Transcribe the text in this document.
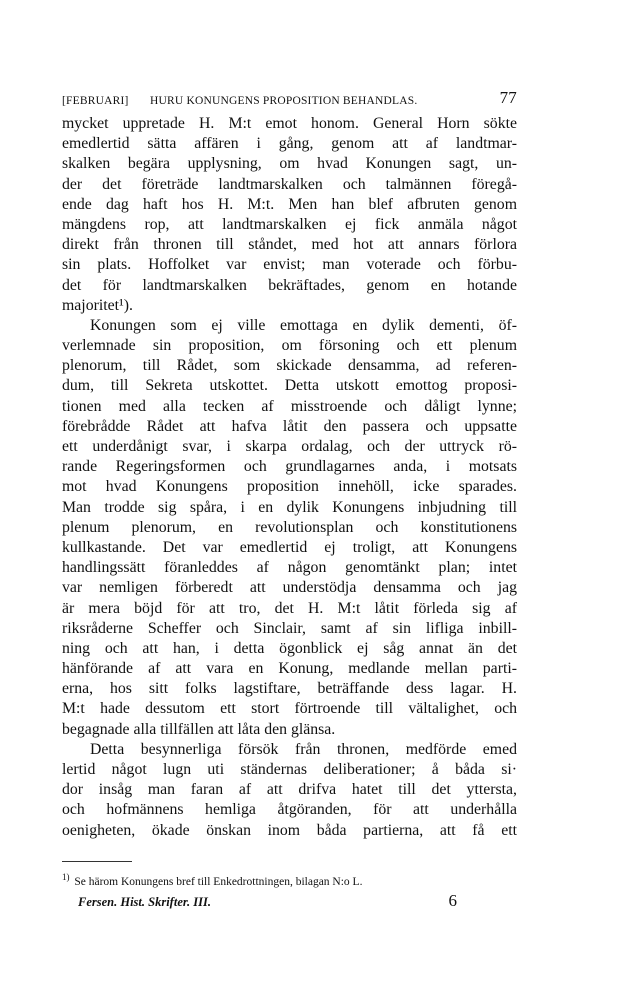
[FEBRUARI] HURU KONUNGENS PROPOSITION BEHANDLAS.	77
mycket uppretade H. M:t emot honom. General Horn sökte
emedlertid sätta affären i gång, genom att af landtmar-
skalken begära upplysning, om hvad Konungen sagt, un-
der det företräde landtmarskalken och talmännen föregå-
ende dag haft hos H. M:t. Men han blef afbruten genom
mängdens rop, att landtmarskalken ej fick anmäla något
direkt från thronen till ståndet, med hot att annars förlora
sin plats. Hoffolket var envist; man voterade och förbu-
det för landtmarskalken bekräftades, genom en hotande
majoritet¹).
Konungen som ej ville emottaga en dylik dementi, öf-
verlemnade sin proposition, om försoning och ett plenum
plenorum, till Rådet, som skickade densamma, ad referen-
dum, till Sekreta utskottet. Detta utskott emottog proposi-
tionen med alla tecken af misstroende och dåligt lynne;
förebrådde Rådet att hafva låtit den passera och uppsatte
ett underdånigt svar, i skarpa ordalag, och der uttryck rö-
rande Regeringsformen och grundlagarnes anda, i motsats
mot hvad Konungens proposition innehöll, icke sparades.
Man trodde sig spåra, i en dylik Konungens inbjudning till
plenum plenorum, en revolutionsplan och konstitutionens
kullkastande. Det var emedlertid ej troligt, att Konungens
handlingssätt föranleddes af någon genomtänkt plan; intet
var nemligen förberedt att understödja densamma och jag
är mera böjd för att tro, det H. M:t låtit förleda sig af
riksråderne Scheffer och Sinclair, samt af sin lifliga inbill-
ning och att han, i detta ögonblick ej såg annat än det
hänförande af att vara en Konung, medlande mellan parti-
erna, hos sitt folks lagstiftare, beträffande dess lagar. H.
M:t hade dessutom ett stort förtroende till vältalighet, och
begagnade alla tillfällen att låta den glänsa.
Detta besynnerliga försök från thronen, medförde emed
lertid något lugn uti ständernas deliberationer; å båda si·
dor insåg man faran af att drifva hatet till det yttersta,
och hofmännens hemliga åtgöranden, för att underhålla
oenigheten, ökade önskan inom båda partierna, att få ett
$^{1)}$ Se härom Konungens bref till Enkedrottningen, bilagan N:o L.
Fersen. Hist. Skrifter. III.	6
